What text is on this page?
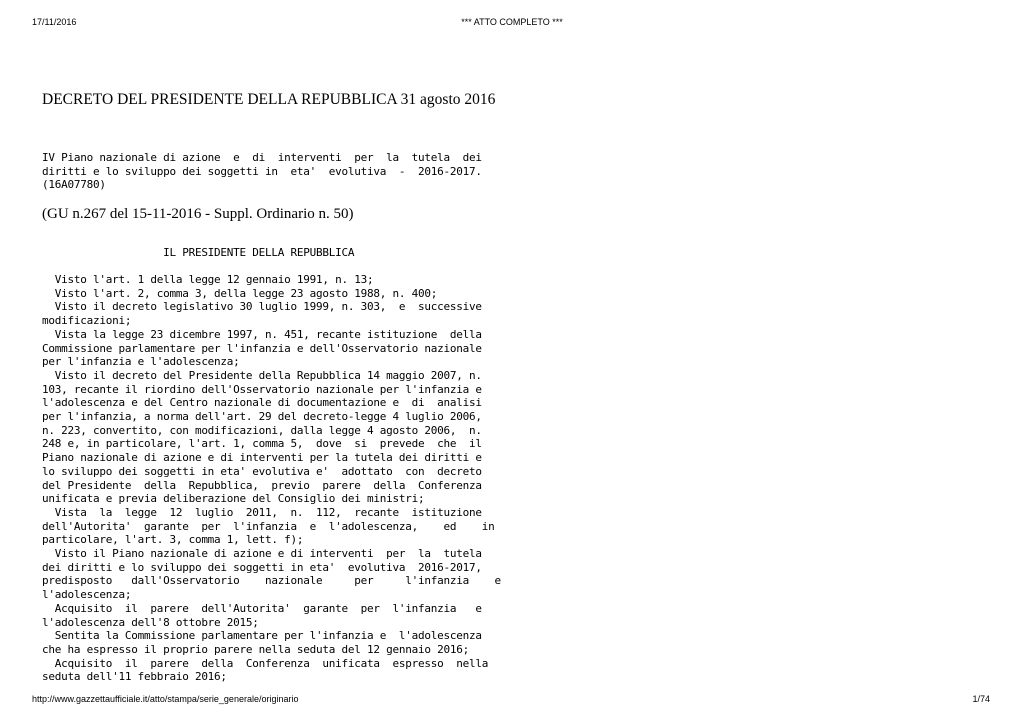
17/11/2016	*** ATTO COMPLETO ***
DECRETO DEL PRESIDENTE DELLA REPUBBLICA 31 agosto 2016
IV Piano nazionale di azione  e  di  interventi  per  la  tutela  dei
diritti e lo sviluppo dei soggetti in  eta'  evolutiva  -  2016-2017.
(16A07780)
(GU n.267 del 15-11-2016 - Suppl. Ordinario n. 50)
IL PRESIDENTE DELLA REPUBBLICA
Visto l'art. 1 della legge 12 gennaio 1991, n. 13;
Visto l'art. 2, comma 3, della legge 23 agosto 1988, n. 400;
Visto il decreto legislativo 30 luglio 1999, n. 303,  e  successive
modificazioni;
Vista la legge 23 dicembre 1997, n. 451, recante istituzione  della
Commissione parlamentare per l'infanzia e dell'Osservatorio nazionale
per l'infanzia e l'adolescenza;
Visto il decreto del Presidente della Repubblica 14 maggio 2007, n.
103, recante il riordino dell'Osservatorio nazionale per l'infanzia e
l'adolescenza e del Centro nazionale di documentazione e  di  analisi
per l'infanzia, a norma dell'art. 29 del decreto-legge 4 luglio 2006,
n. 223, convertito, con modificazioni, dalla legge 4 agosto 2006,  n.
248 e, in particolare, l'art. 1, comma 5,  dove  si  prevede  che  il
Piano nazionale di azione e di interventi per la tutela dei diritti e
lo sviluppo dei soggetti in eta' evolutiva e'  adottato  con  decreto
del Presidente  della  Repubblica,  previo  parere  della  Conferenza
unificata e previa deliberazione del Consiglio dei ministri;
Vista  la  legge  12  luglio  2011,  n.  112,  recante  istituzione
dell'Autorita'  garante  per  l'infanzia  e  l'adolescenza,    ed    in
particolare, l'art. 3, comma 1, lett. f);
Visto il Piano nazionale di azione e di interventi  per  la  tutela
dei diritti e lo sviluppo dei soggetti in eta'  evolutiva  2016-2017,
predisposto   dall'Osservatorio    nazionale     per     l'infanzia    e
l'adolescenza;
Acquisito  il  parere  dell'Autorita'  garante  per  l'infanzia   e
l'adolescenza dell'8 ottobre 2015;
Sentita la Commissione parlamentare per l'infanzia e  l'adolescenza
che ha espresso il proprio parere nella seduta del 12 gennaio 2016;
Acquisito  il  parere  della  Conferenza  unificata  espresso  nella
seduta dell'11 febbraio 2016;
http://www.gazzettaufficiale.it/atto/stampa/serie_generale/originario	1/74
